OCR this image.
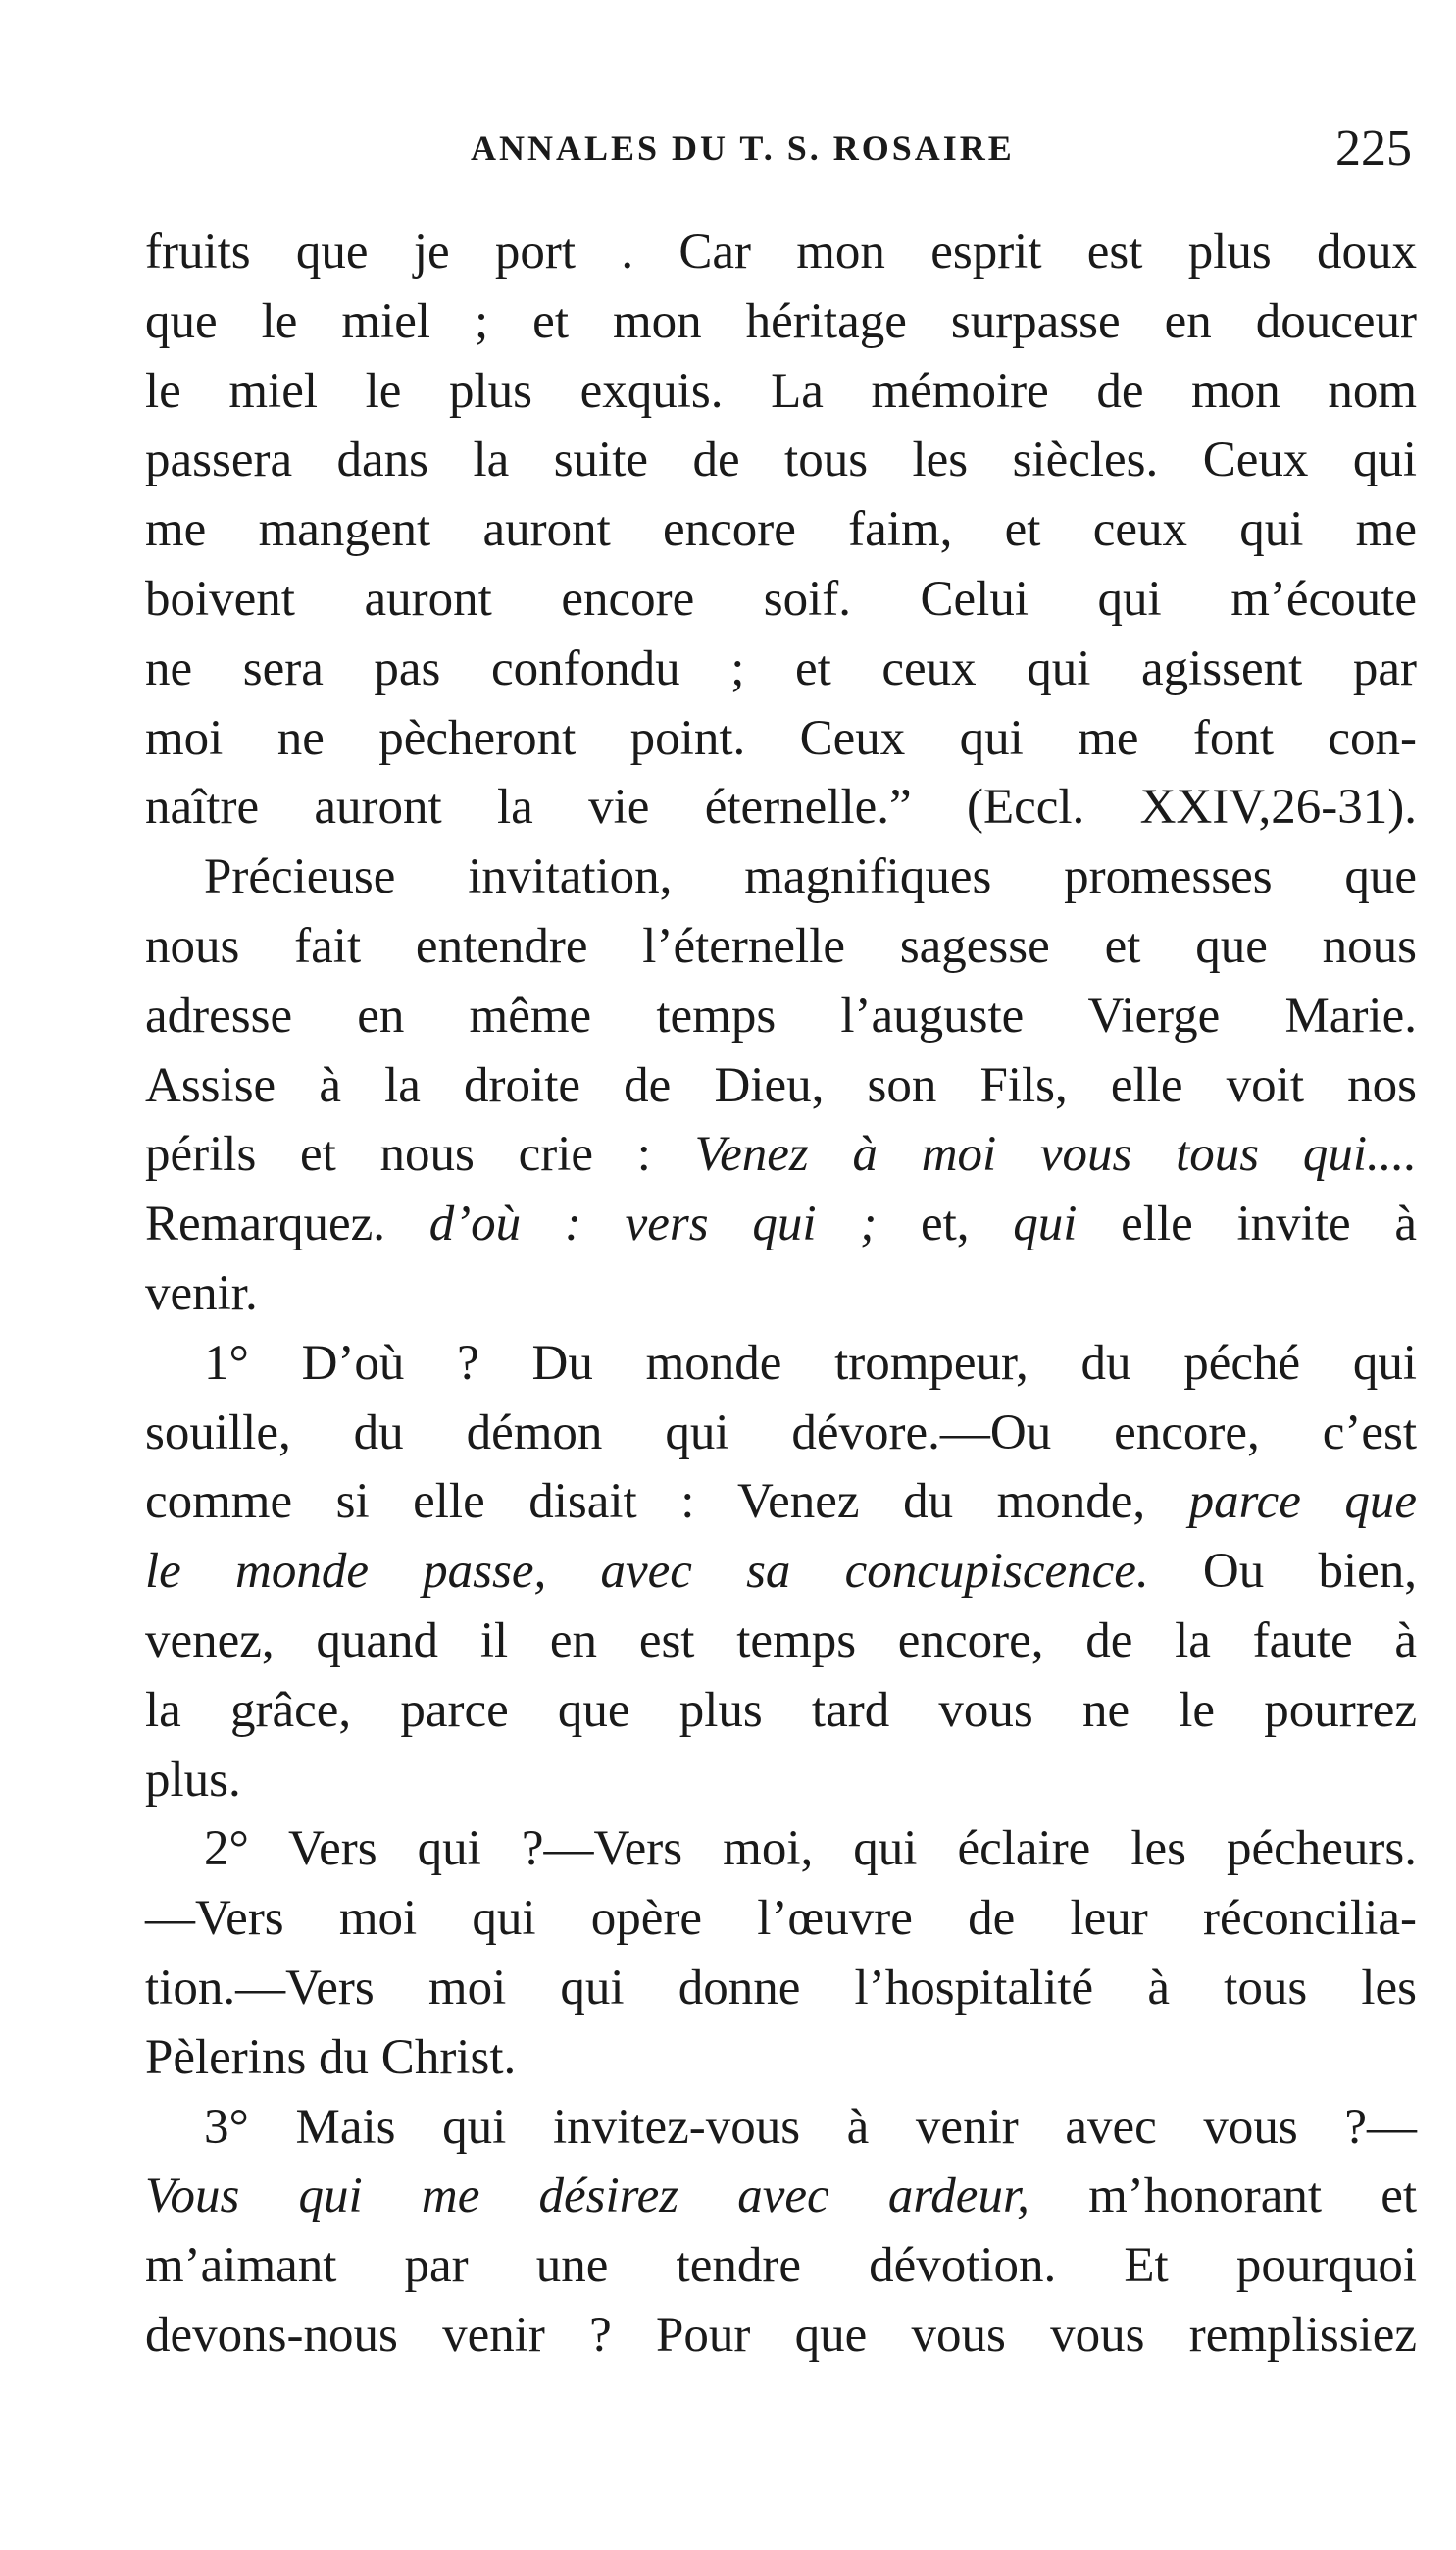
ANNALES DU T. S. ROSAIRE	225
fruits que je port . Car mon esprit est plus doux
que le miel ; et mon héritage surpasse en douceur
le miel le plus exquis. La mémoire de mon nom
passera dans la suite de tous les siècles. Ceux qui
me mangent auront encore faim, et ceux qui me
boivent auront encore soif. Celui qui m’écoute
ne sera pas confondu ; et ceux qui agissent par
moi ne pècheront point. Ceux qui me font con-
naître auront la vie éternelle.” (Eccl. XXIV,26-31).
Précieuse invitation, magnifiques promesses que
nous fait entendre l’éternelle sagesse et que nous
adresse en même temps l’auguste Vierge Marie.
Assise à la droite de Dieu, son Fils, elle voit nos
périls et nous crie : Venez à moi vous tous qui....
Remarquez. d’où : vers qui ; et, qui elle invite à
venir.
1° D’où ? Du monde trompeur, du péché qui
souille, du démon qui dévore.—Ou encore, c’est
comme si elle disait : Venez du monde, parce que
le monde passe, avec sa concupiscence. Ou bien,
venez, quand il en est temps encore, de la faute à
la grâce, parce que plus tard vous ne le pourrez
plus.
2° Vers qui ?—Vers moi, qui éclaire les pécheurs.
—Vers moi qui opère l’œuvre de leur réconcilia-
tion.—Vers moi qui donne l’hospitalité à tous les
Pèlerins du Christ.
3° Mais qui invitez-vous à venir avec vous ?—
Vous qui me désirez avec ardeur, m’honorant et
m’aimant par une tendre dévotion. Et pourquoi
devons-nous venir ? Pour que vous vous remplissiez
